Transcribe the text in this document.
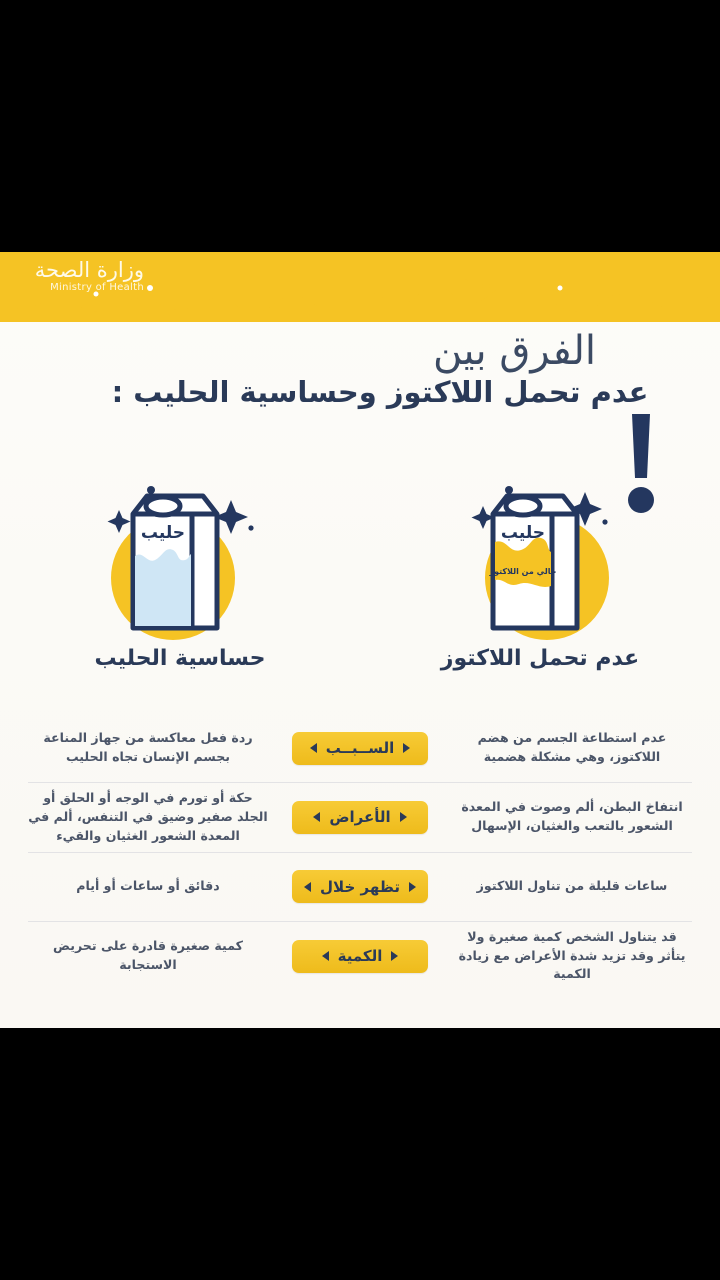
وزارة الصحة
Ministry of Health
الفرق بين
عدم تحمل اللاكتوز وحساسية الحليب :
حليب
خالي من اللاكتوز
عدم تحمل اللاكتوز
حليب
حساسية الحليب
عدم استطاعة الجسم من هضم اللاكتوز، وهي مشكلة هضمية
الســبــب
ردة فعل معاكسة من جهاز المناعة بجسم الإنسان تجاه الحليب
انتفاخ البطن، ألم وصوت في المعدة الشعور بالتعب والغثيان، الإسهال
الأعراض
حكة أو تورم في الوجه أو الحلق أو الجلد صفير وضيق في التنفس، ألم في المعدة الشعور الغثيان والقيء
ساعات قليلة من تناول اللاكتوز
تظهر خلال
دقائق أو ساعات أو أيام
قد يتناول الشخص كمية صغيرة ولا يتأثر وقد تزيد شدة الأعراض مع زيادة الكمية
الكمية
كمية صغيرة قادرة على تحريض الاستجابة
